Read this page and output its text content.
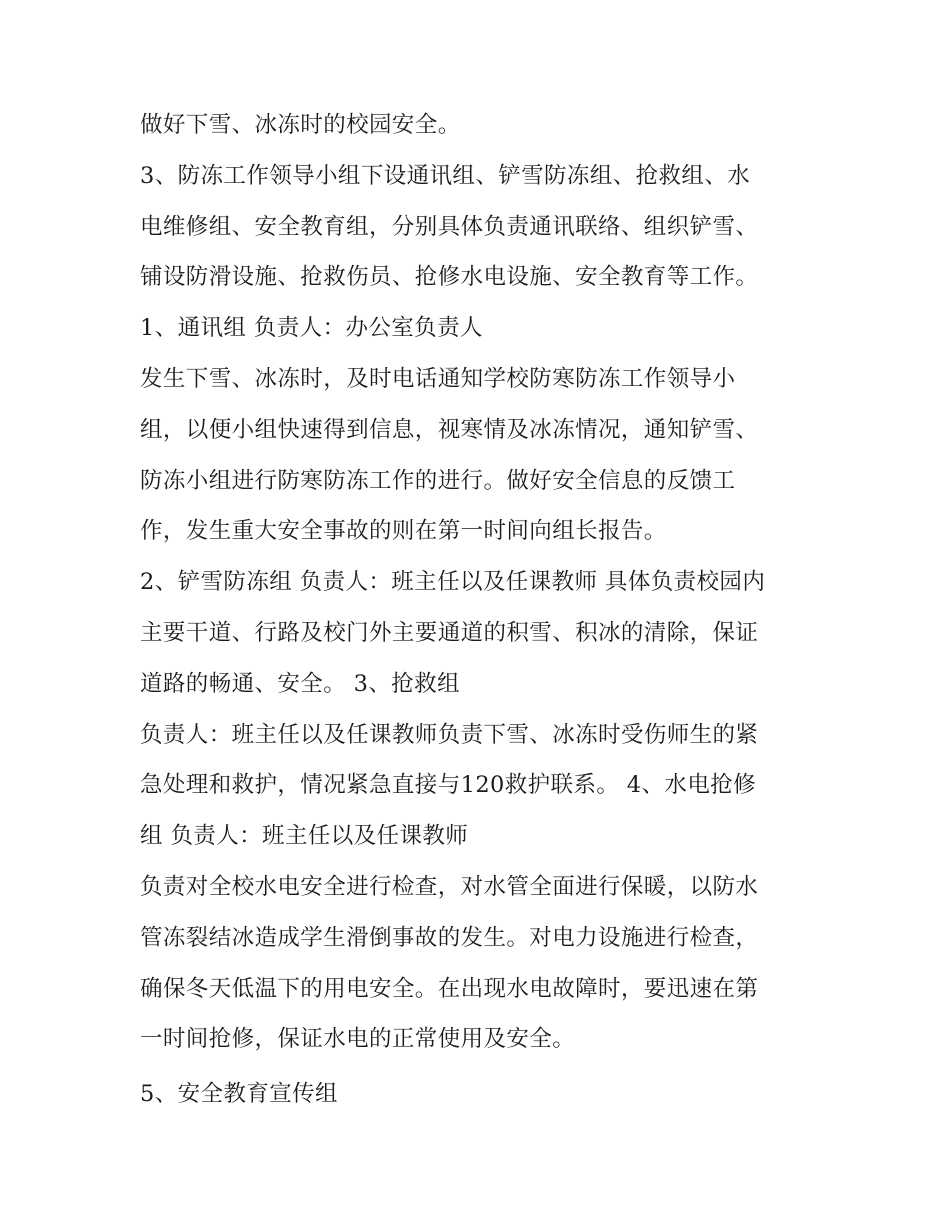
做好下雪、冰冻时的校园安全。

3、防冻工作领导小组下设通讯组、铲雪防冻组、抢救组、水
电维修组、安全教育组，分别具体负责通讯联络、组织铲雪、
铺设防滑设施、抢救伤员、抢修水电设施、安全教育等工作。

1、通讯组 负责人：办公室负责人

发生下雪、冰冻时，及时电话通知学校防寒防冻工作领导小
组，以便小组快速得到信息，视寒情及冰冻情况，通知铲雪、
防冻小组进行防寒防冻工作的进行。做好安全信息的反馈工
作，发生重大安全事故的则在第一时间向组长报告。

2、铲雪防冻组 负责人：班主任以及任课教师 具体负责校园内
主要干道、行路及校门外主要通道的积雪、积冰的清除，保证
道路的畅通、安全。 3、抢救组

负责人：班主任以及任课教师负责下雪、冰冻时受伤师生的紧
急处理和救护，情况紧急直接与120救护联系。 4、水电抢修
组 负责人：班主任以及任课教师

负责对全校水电安全进行检查，对水管全面进行保暖，以防水
管冻裂结冰造成学生滑倒事故的发生。对电力设施进行检查，
确保冬天低温下的用电安全。在出现水电故障时，要迅速在第
一时间抢修，保证水电的正常使用及安全。

5、安全教育宣传组
